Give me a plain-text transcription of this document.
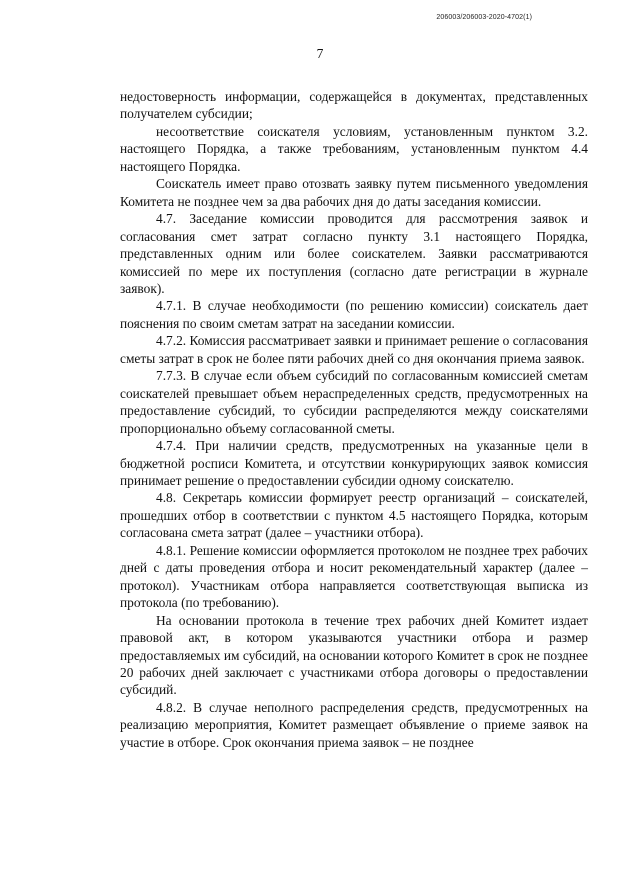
206003/206003-2020-4702(1)
7

недостоверность информации, содержащейся в документах, представленных получателем субсидии;

несоответствие соискателя условиям, установленным пунктом 3.2. настоящего Порядка, а также требованиям, установленным пунктом 4.4 настоящего Порядка.

Соискатель имеет право отозвать заявку путем письменного уведомления Комитета не позднее чем за два рабочих дня до даты заседания комиссии.

4.7. Заседание комиссии проводится для рассмотрения заявок и согласования смет затрат согласно пункту 3.1 настоящего Порядка, представленных одним или более соискателем. Заявки рассматриваются комиссией по мере их поступления (согласно дате регистрации в журнале заявок).

4.7.1. В случае необходимости (по решению комиссии) соискатель дает пояснения по своим сметам затрат на заседании комиссии.

4.7.2. Комиссия рассматривает заявки и принимает решение о согласования сметы затрат в срок не более пяти рабочих дней со дня окончания приема заявок.

7.7.3. В случае если объем субсидий по согласованным комиссией сметам соискателей превышает объем нераспределенных средств, предусмотренных на предоставление субсидий, то субсидии распределяются между соискателями пропорционально объему согласованной сметы.

4.7.4. При наличии средств, предусмотренных на указанные цели в бюджетной росписи Комитета, и отсутствии конкурирующих заявок комиссия принимает решение о предоставлении субсидии одному соискателю.

4.8. Секретарь комиссии формирует реестр организаций – соискателей, прошедших отбор в соответствии с пунктом 4.5 настоящего Порядка, которым согласована смета затрат (далее – участники отбора).

4.8.1. Решение комиссии оформляется протоколом не позднее трех рабочих дней с даты проведения отбора и носит рекомендательный характер (далее – протокол). Участникам отбора направляется соответствующая выписка из протокола (по требованию).

На основании протокола в течение трех рабочих дней Комитет издает правовой акт, в котором указываются участники отбора и размер предоставляемых им субсидий, на основании которого Комитет в срок не позднее 20 рабочих дней заключает с участниками отбора договоры о предоставлении субсидий.

4.8.2. В случае неполного распределения средств, предусмотренных на реализацию мероприятия, Комитет размещает объявление о приеме заявок на участие в отборе. Срок окончания приема заявок – не позднее
